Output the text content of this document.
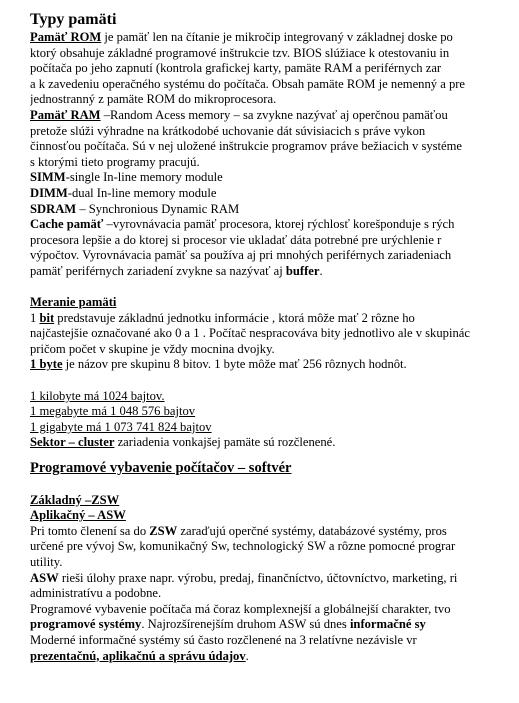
Typy pamäti
Pamäť ROM je pamäť len na čítanie je mikročip integrovaný v základnej doske po
ktorý obsahuje základné programové inštrukcie tzv. BIOS slúžiace k otestovaniu in
počítača po jeho zapnutí (kontrola grafickej karty, pamäte RAM a periférnych zar
a k zavedeniu operačného systému do počítača. Obsah pamäte ROM je nemenný a pre
jednostranný z pamäte ROM do mikroprocesora.
Pamäť RAM –Random Acess memory – sa zvykne nazývať aj operčnou pamäťou
pretože slúži výhradne na krátkodobé uchovanie dát súvisiacich s práve vykon
činnosťou počítača. Sú v nej uložené inštrukcie programov práve bežiacich v systéme
s ktorými tieto programy pracujú.
SIMM-single In-line memory module
DIMM-dual In-line memory module
SDRAM – Synchronious Dynamic RAM
Cache pamäť –vyrovnávacia pamäť procesora, ktorej rýchlosť korešponduje s rých
procesora lepšie a do ktorej si procesor vie ukladať dáta potrebné pre urýchlenie r
výpočtov. Vyrovnávacia pamäť sa používa aj pri mnohých periférnych zariadeniach
pamäť periférnych zariadení zvykne sa nazývať aj buffer.
Meranie pamäti
1 bit predstavuje základnú jednotku informácie , ktorá môže mať 2 rôzne ho
najčastejšie označované ako 0 a 1 . Počítač nespracováva bity jednotlivo ale v skupinác
pričom počet v skupine je vždy mocnina dvojky.
1 byte je názov pre skupinu 8 bitov. 1 byte môže mať 256 rôznych hodnôt.
1 kilobyte má 1024 bajtov.
1 megabyte má 1 048 576 bajtov
1 gigabyte má 1 073 741 824 bajtov
Sektor – cluster zariadenia vonkajšej pamäte sú rozčlenené.
Programové vybavenie počítačov – softvér
Základný –ZSW
Aplikačný – ASW
Pri tomto členení sa do ZSW zaraďujú operčné systémy, databázové systémy, pros
určené pre vývoj Sw, komunikačný Sw, technologický SW a rôzne pomocné prograr
utility.
ASW rieši úlohy praxe napr. výrobu, predaj, finančníctvo, účtovníctvo, marketing, ri
administratívu a podobne.
Programové vybavenie počítača má čoraz komplexnejší a globálnejší charakter, tvo
programové systémy. Najrozšírenejším druhom ASW sú dnes informačné sy
Moderné informačné systémy sú často rozčlenené na 3 relatívne nezávisle vr
prezentačnú, aplikačnú a správu údajov.
